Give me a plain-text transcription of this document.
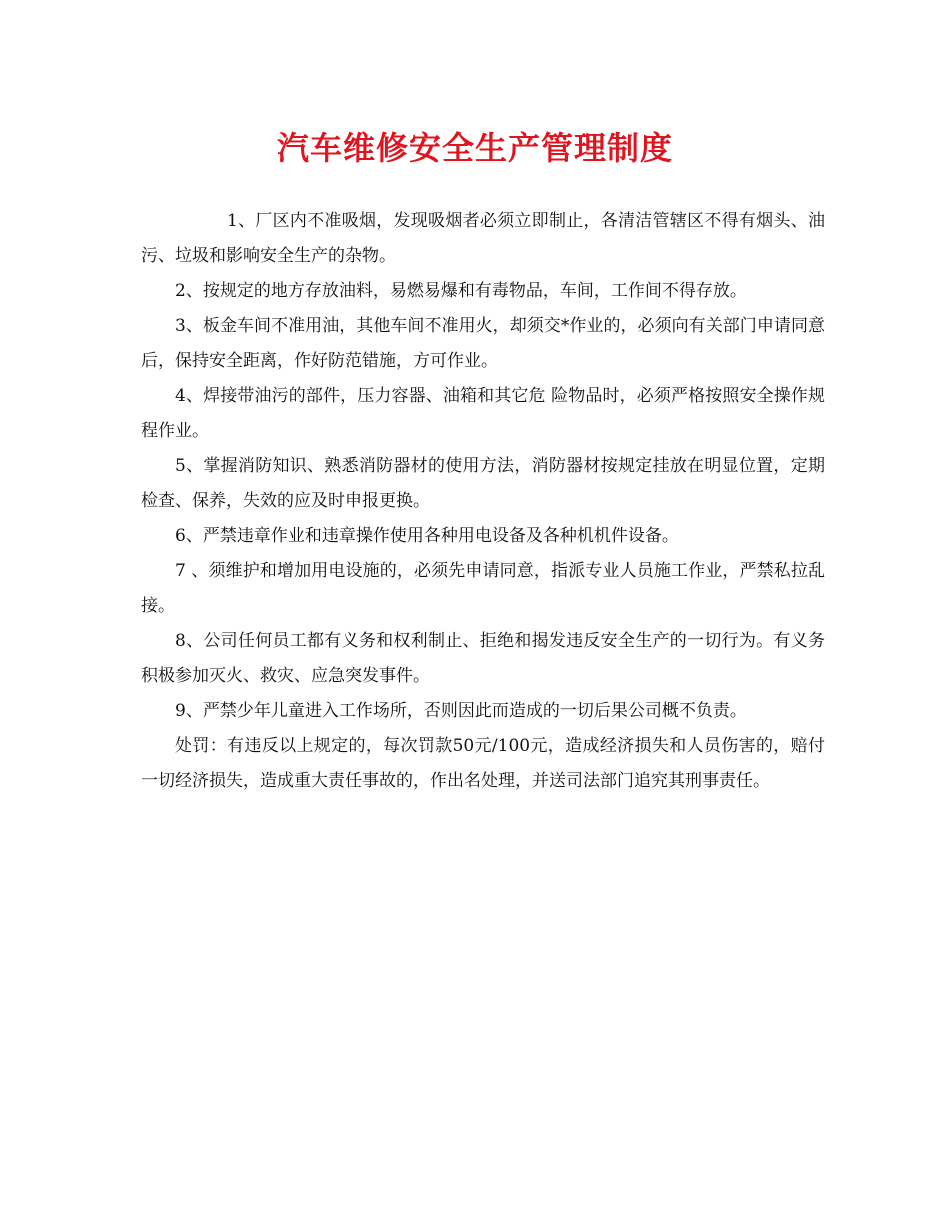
汽车维修安全生产管理制度

1、厂区内不准吸烟，发现吸烟者必须立即制止，各清洁管辖区不得有烟头、油污、垃圾和影响安全生产的杂物。

2、按规定的地方存放油料，易燃易爆和有毒物品，车间，工作间不得存放。

3、板金车间不准用油，其他车间不准用火，却须交*作业的，必须向有关部门申请同意后，保持安全距离，作好防范错施，方可作业。

4、焊接带油污的部件，压力容器、油箱和其它危 险物品时，必须严格按照安全操作规程作业。

5、掌握消防知识、熟悉消防器材的使用方法，消防器材按规定挂放在明显位置，定期检查、保养，失效的应及时申报更换。

6、严禁违章作业和违章操作使用各种用电设备及各种机机件设备。

7 、须维护和增加用电设施的，必须先申请同意，指派专业人员施工作业，严禁私拉乱接。

8、公司任何员工都有义务和权利制止、拒绝和揭发违反安全生产的一切行为。有义务积极参加灭火、救灾、应急突发事件。

9、严禁少年儿童进入工作场所，否则因此而造成的一切后果公司概不负责。

处罚：有违反以上规定的，每次罚款50元/100元，造成经济损失和人员伤害的，赔付一切经济损失，造成重大责任事故的，作出名处理，并送司法部门追究其刑事责任。
